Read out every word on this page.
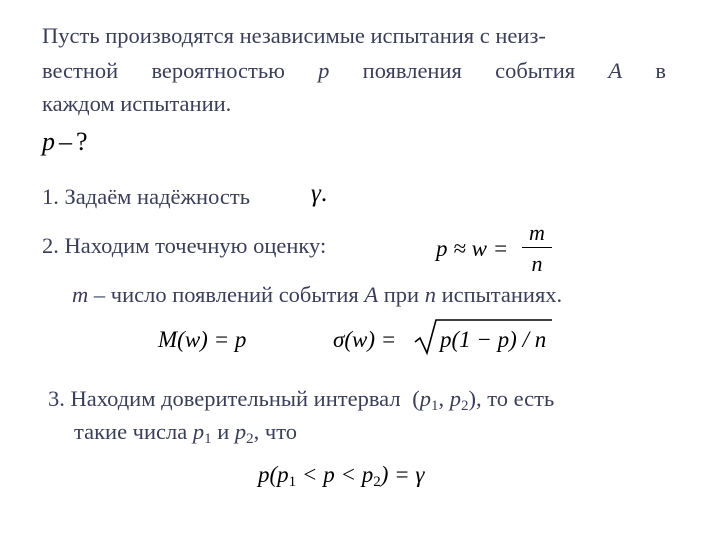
Пусть производятся независимые испытания с неиз-
вестной вероятностью p появления события A в
каждом испытании.
p – ?
1. Задаём надёжность γ.
2. Находим точечную оценку:	p ≈ w =
m
n
m – число появлений события A при n испытаниях.
M(w) = p	σ(w) = p(1 − p) / n
3. Находим доверительный интервал ($p_1$, $p_2$), то есть
такие числа $p_1$ и $p_2$, что
$p(p_1 < p < p_2) = \gamma$
